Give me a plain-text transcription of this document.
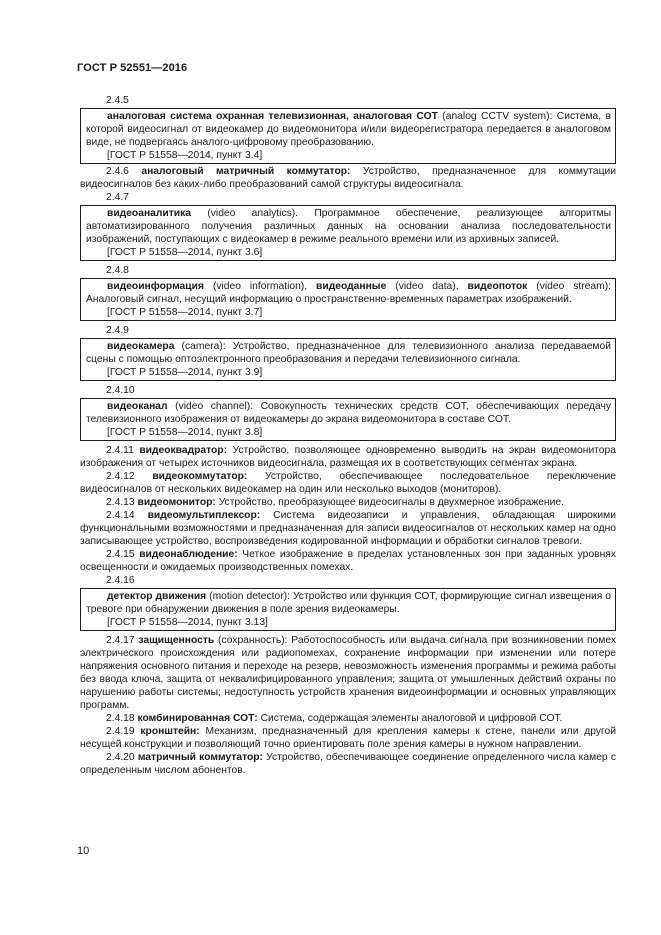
ГОСТ Р 52551—2016
2.4.5
аналоговая система охранная телевизионная, аналоговая СОТ (analog CCTV system): Система, в которой видеосигнал от видеокамер до видеомонитора и/или видеорегистратора передается в аналоговом виде, не подвергаясь аналого-цифровому преобразованию.
[ГОСТ Р 51558—2014, пункт 3.4]
2.4.6 аналоговый матричный коммутатор: Устройство, предназначенное для коммутации видеосигналов без каких-либо преобразований самой структуры видеосигнала.
2.4.7
видеоаналитика (video analytics). Программное обеспечение, реализующее алгоритмы автоматизированного получения различных данных на основании анализа последовательности изображений, поступающих с видеокамер в режиме реального времени или из архивных записей.
[ГОСТ Р 51558—2014, пункт 3.6]
2.4.8
видеоинформация (video information), видеоданные (video data), видеопоток (video stream): Аналоговый сигнал, несущий информацию о пространственно-временных параметрах изображений.
[ГОСТ Р 51558—2014, пункт 3.7]
2.4.9
видеокамера (camera): Устройство, предназначенное для телевизионного анализа передаваемой сцены с помощью оптоэлектронного преобразования и передачи телевизионного сигнала.
[ГОСТ Р 51558—2014, пункт 3.9]
2.4.10
видеоканал (video channel): Совокупность технических средств СОТ, обеспечивающих передачу телевизионного изображения от видеокамеры до экрана видеомонитора в составе СОТ.
[ГОСТ Р 51558—2014, пункт 3.8]
2.4.11 видеоквадратор: Устройство, позволяющее одновременно выводить на экран видеомонитора изображения от четырех источников видеосигнала, размещая их в соответствующих сегментах экрана.
2.4.12 видеокоммутатор: Устройство, обеспечивающее последовательное переключение видеосигналов от нескольких видеокамер на один или несколько выходов (мониторов).
2.4.13 видеомонитор: Устройство, преобразующее видеосигналы в двухмерное изображение.
2.4.14 видеомультиплексор: Система видеозаписи и управления, обладающая широкими функциональными возможностями и предназначенная для записи видеосигналов от нескольких камер на одно записывающее устройство, воспроизведения кодированной информации и обработки сигналов тревоги.
2.4.15 видеонаблюдение: Четкое изображение в пределах установленных зон при заданных уровнях освещенности и ожидаемых производственных помехах.
2.4.16
детектор движения (motion detector): Устройство или функция СОТ, формирующие сигнал извещения о тревоге при обнаружении движения в поле зрения видеокамеры.
[ГОСТ Р 51558—2014, пункт 3.13]
2.4.17 защищенность (сохранность): Работоспособность или выдача сигнала при возникновении помех электрического происхождения или радиопомехах, сохранение информации при изменении или потере напряжения основного питания и переходе на резерв, невозможность изменения программы и режима работы без ввода ключа, защита от неквалифицированного управления; защита от умышленных действий охраны по нарушению работы системы; недоступность устройств хранения видеоинформации и основных управляющих программ.
2.4.18 комбинированная СОТ: Система, содержащая элементы аналоговой и цифровой СОТ.
2.4.19 кронштейн: Механизм, предназначенный для крепления камеры к стене, панели или другой несущей конструкции и позволяющий точно ориентировать поле зрения камеры в нужном направлении.
2.4.20 матричный коммутатор: Устройство, обеспечивающее соединение определенного числа камер с определенным числом абонентов.
10
